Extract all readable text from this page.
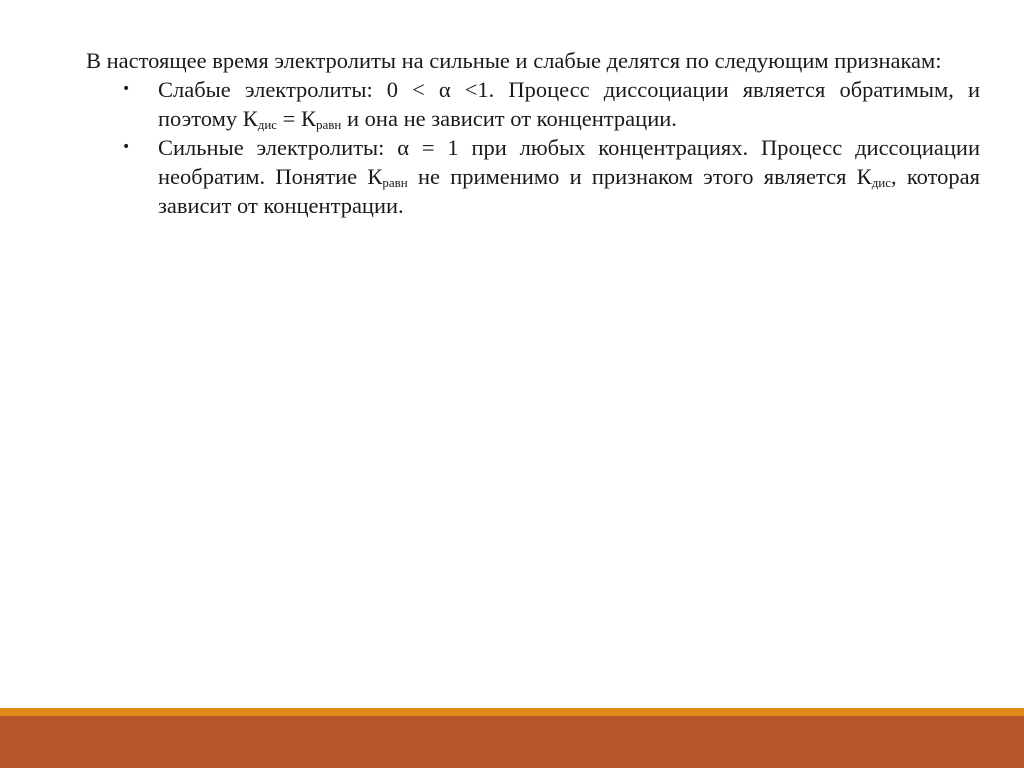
В настоящее время электролиты на сильные и слабые делятся по следующим признакам:

• Слабые электролиты: 0 < α <1. Процесс диссоциации является обратимым, и поэтому $К_{дис} = К_{равн}$ и она не зависит от концентрации.
• Сильные электролиты: α = 1 при любых концентрациях. Процесс диссоциации необратим. Понятие $К_{равн}$ не применимо и признаком этого является $К_{дис}$, которая зависит от концентрации.
